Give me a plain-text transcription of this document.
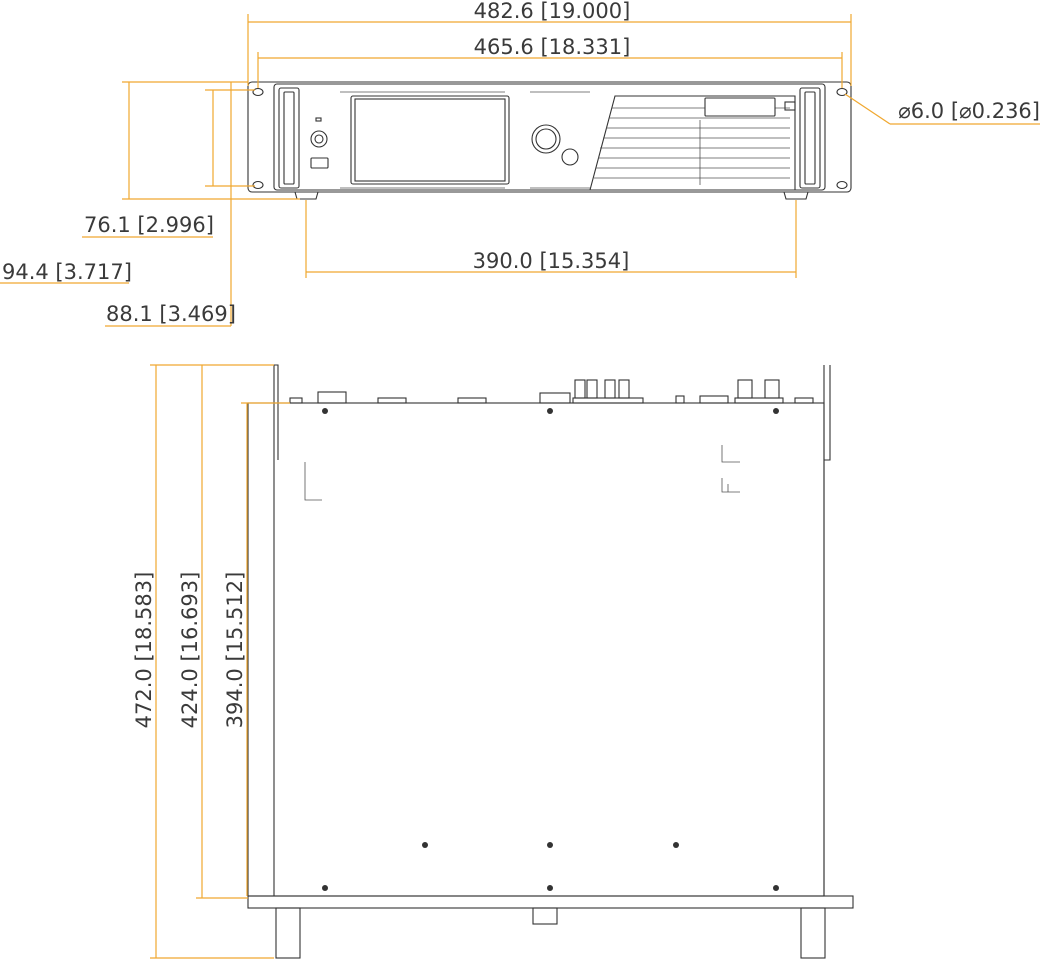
482.6 [19.000]
465.6 [18.331]
⌀6.0 [⌀0.236]
76.1 [2.996]
94.4 [3.717]
88.1 [3.469]
390.0 [15.354]
472.0 [18.583] 424.0 [16.693] 394.0 [15.512]
